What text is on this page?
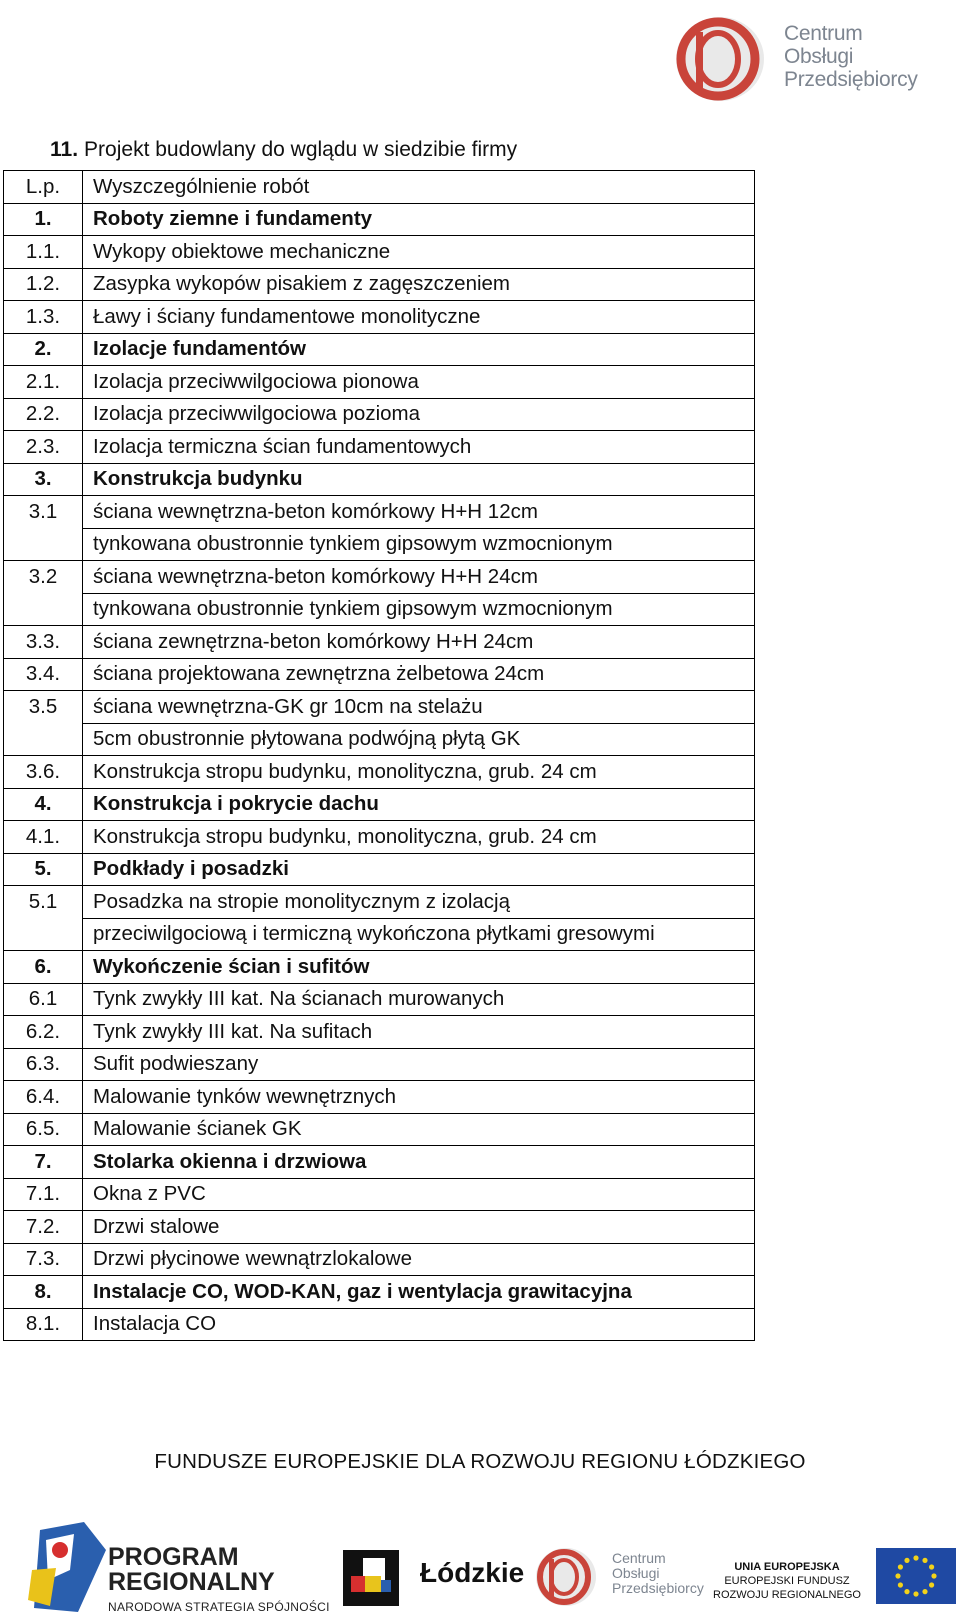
Centrum
Obsługi
Przedsiębiorcy
11. Projekt budowlany do wglądu w siedzibie firmy
L.p.	Wyszczególnienie robót
1.	Roboty ziemne i fundamenty
1.1.	Wykopy obiektowe mechaniczne
1.2.	Zasypka wykopów pisakiem z zagęszczeniem
1.3.	Ławy i ściany fundamentowe monolityczne
2.	Izolacje fundamentów
2.1.	Izolacja przeciwwilgociowa pionowa
2.2.	Izolacja przeciwwilgociowa pozioma
2.3.	Izolacja termiczna ścian fundamentowych
3.	Konstrukcja budynku
3.1	ściana wewnętrzna-beton komórkowy H+H 12cm
	tynkowana obustronnie tynkiem gipsowym wzmocnionym
3.2	ściana wewnętrzna-beton komórkowy H+H 24cm
	tynkowana obustronnie tynkiem gipsowym wzmocnionym
3.3.	ściana zewnętrzna-beton komórkowy H+H 24cm
3.4.	ściana projektowana zewnętrzna żelbetowa 24cm
3.5	ściana wewnętrzna-GK gr 10cm na stelażu
	5cm obustronnie płytowana podwójną płytą GK
3.6.	Konstrukcja stropu budynku, monolityczna, grub. 24 cm
4.	Konstrukcja i pokrycie dachu
4.1.	Konstrukcja stropu budynku, monolityczna, grub. 24 cm
5.	Podkłady i posadzki
5.1	Posadzka na stropie monolitycznym z izolacją
	przeciwilgociową i termiczną wykończona płytkami gresowymi
6.	Wykończenie ścian i sufitów
6.1	Tynk zwykły III kat. Na ścianach murowanych
6.2.	Tynk zwykły III kat. Na sufitach
6.3.	Sufit podwieszany
6.4.	Malowanie tynków wewnętrznych
6.5.	Malowanie ścianek GK
7.	Stolarka okienna i drzwiowa
7.1.	Okna z PVC
7.2.	Drzwi stalowe
7.3.	Drzwi płycinowe wewnątrzlokalowe
8.	Instalacje CO, WOD-KAN, gaz i wentylacja grawitacyjna
8.1.	Instalacja CO
FUNDUSZE EUROPEJSKIE DLA ROZWOJU REGIONU ŁÓDZKIEGO
PROGRAM
REGIONALNY
NARODOWA STRATEGIA SPÓJNOŚCI
Łódzkie	Centrum
Obsługi
Przedsiębiorcy
UNIA EUROPEJSKA
EUROPEJSKI FUNDUSZ
ROZWOJU REGIONALNEGO
